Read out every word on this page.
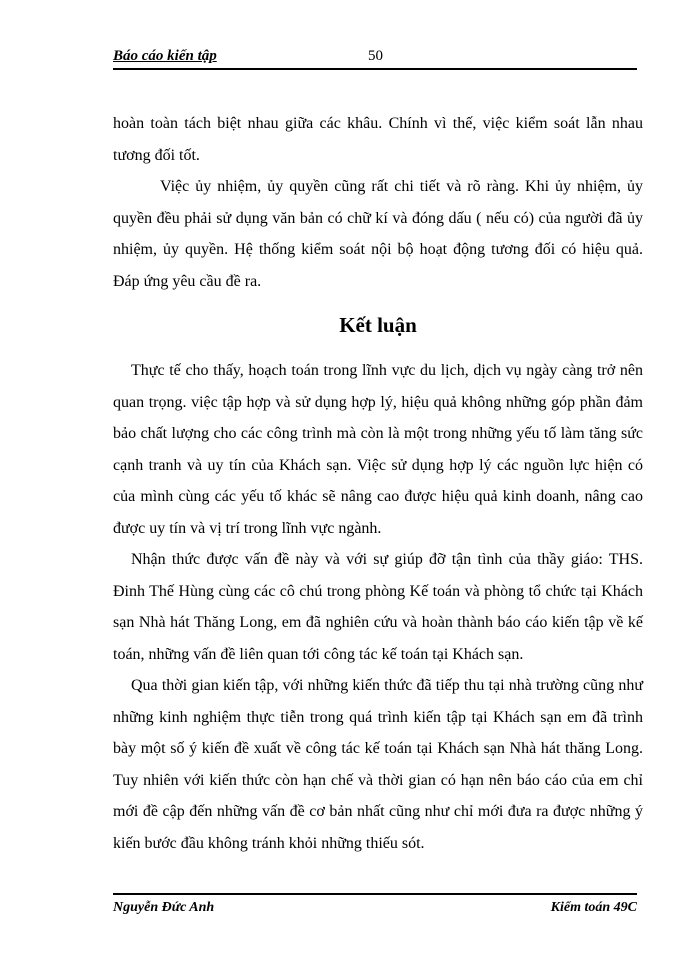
Báo cáo kiến tập	50

hoàn toàn tách biệt nhau giữa các khâu. Chính vì thế, việc kiểm soát lẫn nhau tương đối tốt.

Việc ủy nhiệm, ủy quyền cũng rất chi tiết và rõ ràng. Khi ủy nhiệm, ủy quyền đều phải sử dụng văn bản có chữ kí và đóng dấu ( nếu có) của người đã ủy nhiệm, ủy quyền. Hệ thống kiểm soát nội bộ hoạt động tương đối có hiệu quả. Đáp ứng yêu cầu đề ra.

Kết luận

Thực tế cho thấy, hoạch toán trong lĩnh vực du lịch, dịch vụ ngày càng trở nên quan trọng. việc tập hợp và sử dụng hợp lý, hiệu quả không những góp phần đảm bảo chất lượng cho các công trình mà còn là một trong những yếu tố làm tăng sức cạnh tranh và uy tín của Khách sạn. Việc sử dụng hợp lý các nguồn lực hiện có của mình cùng các yếu tố khác sẽ nâng cao được hiệu quả kinh doanh, nâng cao được uy tín và vị trí trong lĩnh vực ngành.

Nhận thức được vấn đề này và với sự giúp đỡ tận tình của thầy giáo: THS. Đinh Thế Hùng cùng các cô chú trong phòng Kế toán và phòng tổ chức tại Khách sạn Nhà hát Thăng Long, em đã nghiên cứu và hoàn thành báo cáo kiến tập về kế toán, những vấn đề liên quan tới công tác kế toán tại Khách sạn.

Qua thời gian kiến tập, với những kiến thức đã tiếp thu tại nhà trường cũng như những kinh nghiệm thực tiễn trong quá trình kiến tập tại Khách sạn em đã trình bày một số ý kiến đề xuất về công tác kế toán tại Khách sạn Nhà hát thăng Long. Tuy nhiên với kiến thức còn hạn chế và thời gian có hạn nên báo cáo của em chỉ mới đề cập đến những vấn đề cơ bản nhất cũng như chỉ mới đưa ra được những ý kiến bước đầu không tránh khỏi những thiếu sót.

Nguyễn Đức Anh	Kiểm toán 49C
